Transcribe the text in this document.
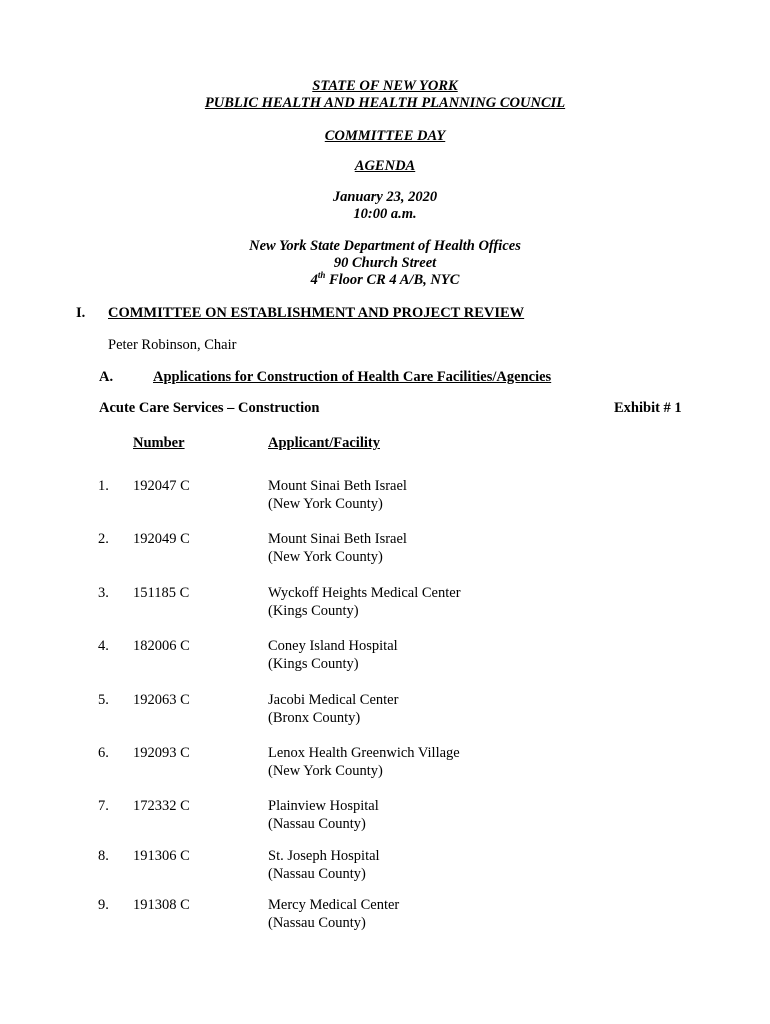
STATE OF NEW YORK
PUBLIC HEALTH AND HEALTH PLANNING COUNCIL
COMMITTEE DAY
AGENDA
January 23, 2020
10:00 a.m.
New York State Department of Health Offices
90 Church Street
4th Floor CR 4 A/B, NYC
I. COMMITTEE ON ESTABLISHMENT AND PROJECT REVIEW
Peter Robinson, Chair
A.	Applications for Construction of Health Care Facilities/Agencies
Acute Care Services – Construction	Exhibit # 1
Number	Applicant/Facility
1. 192047 C	Mount Sinai Beth Israel
(New York County)
2. 192049 C	Mount Sinai Beth Israel
(New York County)
3. 151185 C	Wyckoff Heights Medical Center
(Kings County)
4. 182006 C	Coney Island Hospital
(Kings County)
5. 192063 C	Jacobi Medical Center
(Bronx County)
6. 192093 C	Lenox Health Greenwich Village
(New York County)
7. 172332 C	Plainview Hospital
(Nassau County)
8. 191306 C	St. Joseph Hospital
(Nassau County)
9. 191308 C	Mercy Medical Center
(Nassau County)
